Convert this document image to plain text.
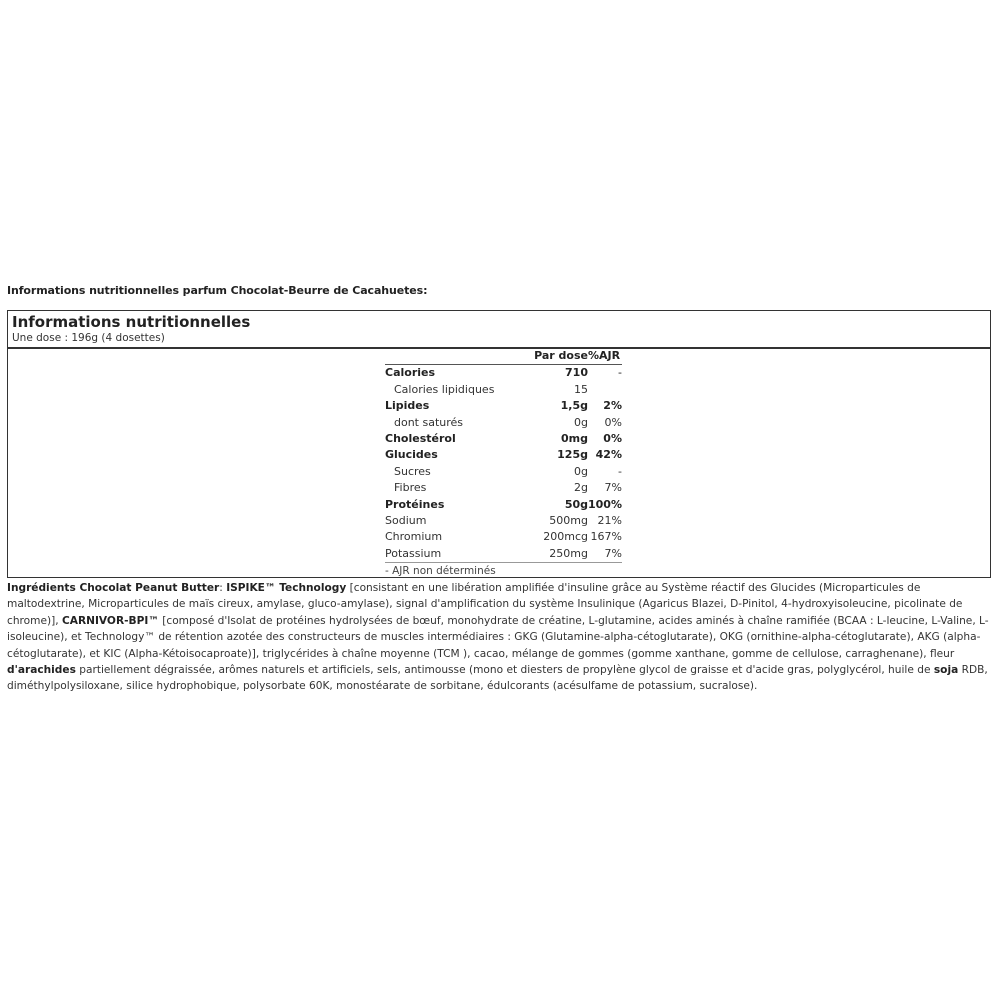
Informations nutritionnelles parfum Chocolat-Beurre de Cacahuetes:
Informations nutritionnelles
Une dose : 196g (4 dosettes)
	Par dose	%AJR
Calories	710	-
Calories lipidiques	15	
Lipides	1,5g	2%
dont saturés	0g	0%
Cholestérol	0mg	0%
Glucides	125g	42%
Sucres	0g	-
Fibres	2g	7%
Protéines	50g	100%
Sodium	500mg	21%
Chromium	200mcg	167%
Potassium	250mg	7%
- AJR non déterminés		
Ingrédients Chocolat Peanut Butter: ISPIKE™ Technology [consistant en une libération amplifiée d'insuline grâce au Système réactif des Glucides (Microparticules de maltodextrine, Microparticules de maïs cireux, amylase, gluco-amylase), signal d'amplification du système Insulinique (Agaricus Blazei, D-Pinitol, 4-hydroxyisoleucine, picolinate de chrome)], CARNIVOR-BPI™ [composé d'Isolat de protéines hydrolysées de bœuf, monohydrate de créatine, L-glutamine, acides aminés à chaîne ramifiée (BCAA : L-leucine, L-Valine, L-isoleucine), et Technology™ de rétention azotée des constructeurs de muscles intermédiaires : GKG (Glutamine-alpha-cétoglutarate), OKG (ornithine-alpha-cétoglutarate), AKG (alpha-cétoglutarate), et KIC (Alpha-Kétoisocaproate)], triglycérides à chaîne moyenne (TCM ), cacao, mélange de gommes (gomme xanthane, gomme de cellulose, carraghenane), fleur d'arachides partiellement dégraissée, arômes naturels et artificiels, sels, antimousse (mono et diesters de propylène glycol de graisse et d'acide gras, polyglycérol, huile de soja RDB, diméthylpolysiloxane, silice hydrophobique, polysorbate 60K, monostéarate de sorbitane, édulcorants (acésulfame de potassium, sucralose).
